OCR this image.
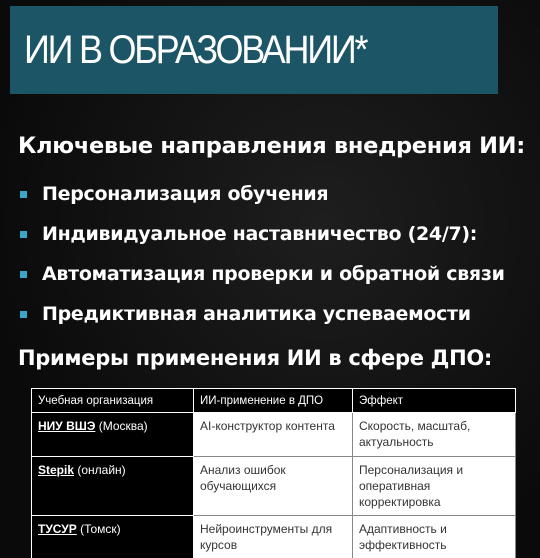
ИИ В ОБРАЗОВАНИИ*
Ключевые направления внедрения ИИ:
Персонализация обучения
Индивидуальное наставничество (24/7):
Автоматизация проверки и обратной связи
Предиктивная аналитика успеваемости
Примеры применения ИИ в сфере ДПО:
Учебная организация	ИИ-применение в ДПО	Эффект
НИУ ВШЭ (Москва)	AI-конструктор контента	Скорость, масштаб, актуальность
Stepik (онлайн)	Анализ ошибок обучающихся	Персонализация и оперативная корректировка
ТУСУР (Томск)	Нейроинструменты для курсов	Адаптивность и эффективность
